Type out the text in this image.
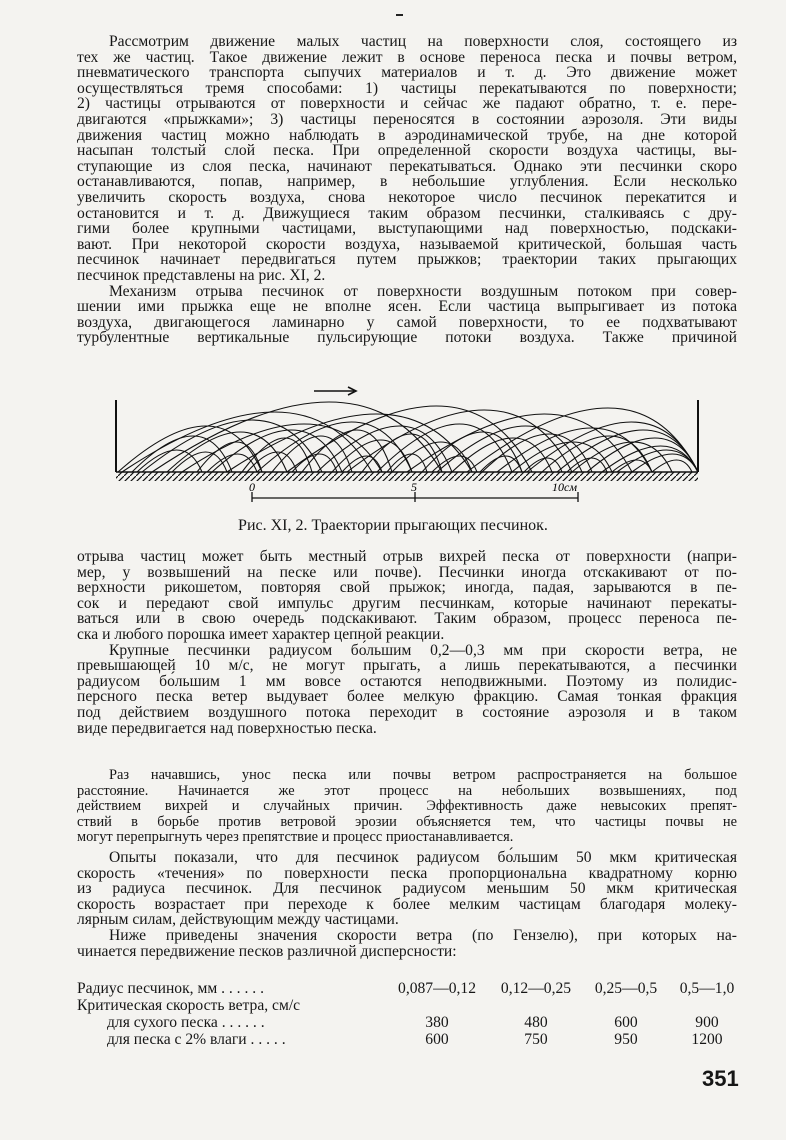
Рассмотрим движение малых частиц на поверхности слоя, состоящего из

тех же частиц. Такое движение лежит в основе переноса песка и почвы ветром,

пневматического транспорта сыпучих материалов и т. д. Это движение может

осуществляться тремя способами: 1) частицы перекатываются по поверхности;

2) частицы отрываются от поверхности и сейчас же падают обратно, т. е. пере-

двигаются «прыжками»; 3) частицы переносятся в состоянии аэрозоля. Эти виды

движения частиц можно наблюдать в аэродинамической трубе, на дне которой

насыпан толстый слой песка. При определенной скорости воздуха частицы, вы-

ступающие из слоя песка, начинают перекатываться. Однако эти песчинки скоро

останавливаются, попав, например, в небольшие углубления. Если несколько

увеличить скорость воздуха, снова некоторое число песчинок перекатится и

остановится и т. д. Движущиеся таким образом песчинки, сталкиваясь с дру-

гими более крупными частицами, выступающими над поверхностью, подскаки-

вают. При некоторой скорости воздуха, называемой критической, большая часть

песчинок начинает передвигаться путем прыжков; траектории таких прыгающих

песчинок представлены на рис. XI, 2.

Механизм отрыва песчинок от поверхности воздушным потоком при совер-

шении ими прыжка еще не вполне ясен. Если частица выпрыгивает из потока

воздуха, двигающегося ламинарно у самой поверхности, то ее подхватывают

турбулентные вертикальные пульсирующие потоки воздуха. Также причиной

0	5	10см
Рис. XI, 2. Траектории прыгающих песчинок.

отрыва частиц может быть местный отрыв вихрей песка от поверхности (напри-

мер, у возвышений на песке или почве). Песчинки иногда отскакивают от по-

верхности рикошетом, повторяя свой прыжок; иногда, падая, зарываются в пе-

сок и передают свой импульс другим песчинкам, которые начинают перекаты-

ваться или в свою очередь подскакивают. Таким образом, процесс переноса пе-

ска и любого порошка имеет характер цепной реакции.

Крупные песчинки радиусом бо́льшим 0,2—0,3 мм при скорости ветра, не

превышающей 10 м/с, не могут прыгать, а лишь перекатываются, а песчинки

радиусом бо́льшим 1 мм вовсе остаются неподвижными. Поэтому из полидис-

персного песка ветер выдувает более мелкую фракцию. Самая тонкая фракция

под действием воздушного потока переходит в состояние аэрозоля и в таком

виде передвигается над поверхностью песка.

Раз начавшись, унос песка или почвы ветром распространяется на большое

расстояние. Начинается же этот процесс на небольших возвышениях, под

действием вихрей и случайных причин. Эффективность даже невысоких препят-

ствий в борьбе против ветровой эрозии объясняется тем, что частицы почвы не

могут перепрыгнуть через препятствие и процесс приостанавливается.

Опыты показали, что для песчинок радиусом бо́льшим 50 мкм критическая

скорость «течения» по поверхности песка пропорциональна квадратному корню

из радиуса песчинок. Для песчинок радиусом меньшим 50 мкм критическая

скорость возрастает при переходе к более мелким частицам благодаря молеку-

лярным силам, действующим между частицами.

Ниже приведены значения скорости ветра (по Гензелю), при которых на-

чинается передвижение песков различной дисперсности:

Радиус песчинок, мм . . . . . .	0,087—0,12	0,12—0,25	0,25—0,5	0,5—1,0
Критическая скорость ветра, см/с
для сухого песка . . . . . .	380	480	600	900
для песка с 2% влаги . . . . .	600	750	950	1200
351
